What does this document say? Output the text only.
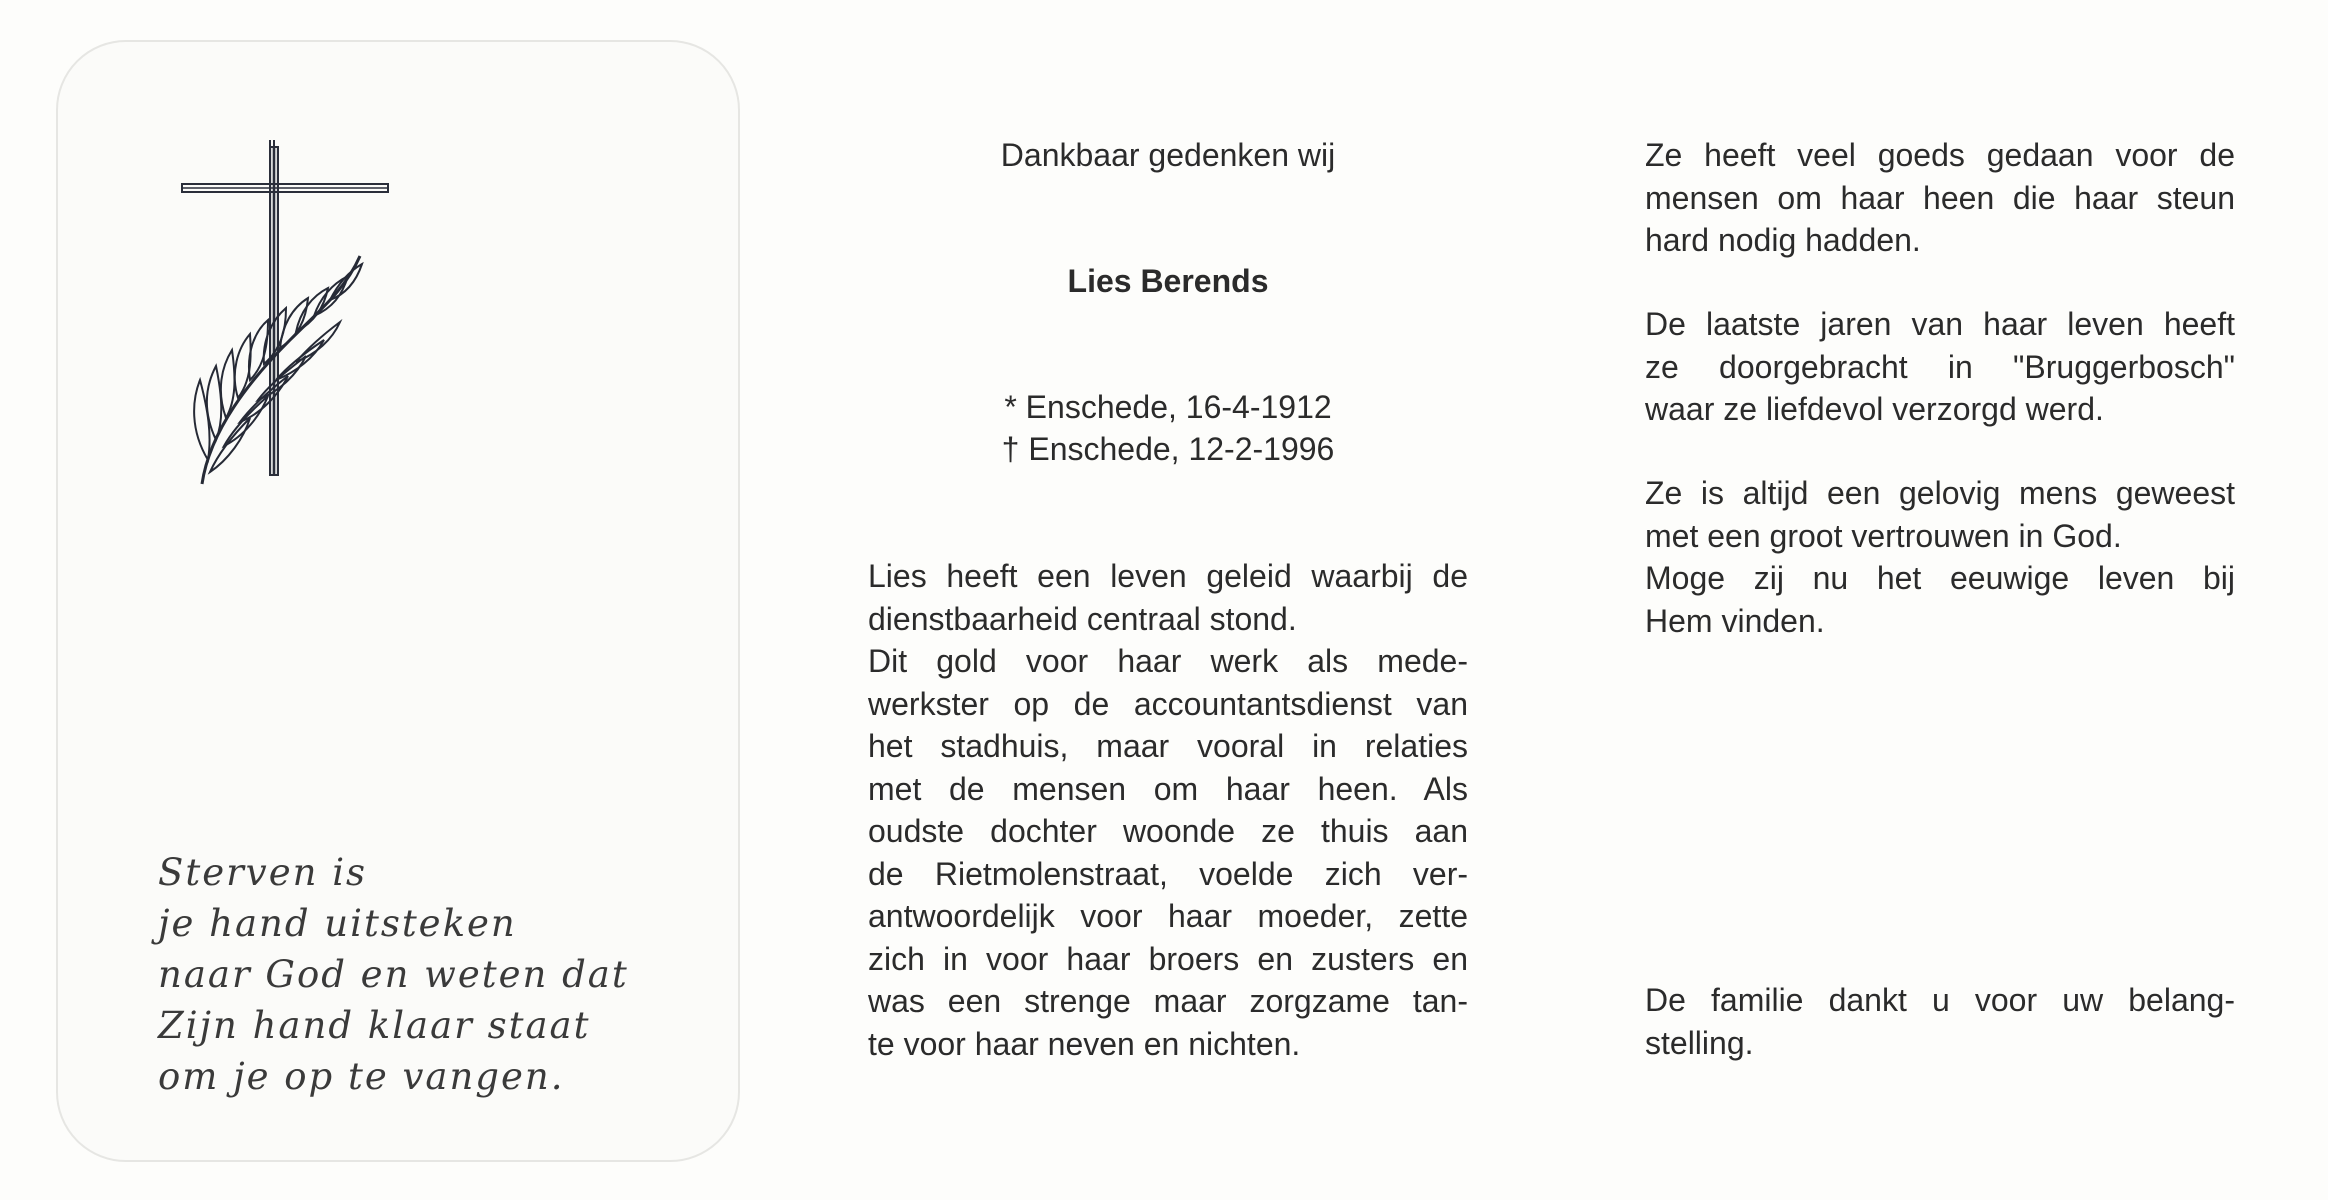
Sterven is
je hand uitsteken
naar God en weten dat
Zijn hand klaar staat
om je op te vangen.
Dankbaar gedenken wij
Lies Berends
* Enschede, 16-4-1912
† Enschede, 12-2-1996
Lies heeft een leven geleid waarbij de
dienstbaarheid centraal stond.
Dit gold voor haar werk als mede-
werkster op de accountantsdienst van
het stadhuis, maar vooral in relaties
met de mensen om haar heen. Als
oudste dochter woonde ze thuis aan
de Rietmolenstraat, voelde zich ver-
antwoordelijk voor haar moeder, zette
zich in voor haar broers en zusters en
was een strenge maar zorgzame tan-
te voor haar neven en nichten.
Ze heeft veel goeds gedaan voor de
mensen om haar heen die haar steun
hard nodig hadden.
De laatste jaren van haar leven heeft
ze doorgebracht in "Bruggerbosch"
waar ze liefdevol verzorgd werd.
Ze is altijd een gelovig mens geweest
met een groot vertrouwen in God.
Moge zij nu het eeuwige leven bij
Hem vinden.
De familie dankt u voor uw belang-
stelling.
